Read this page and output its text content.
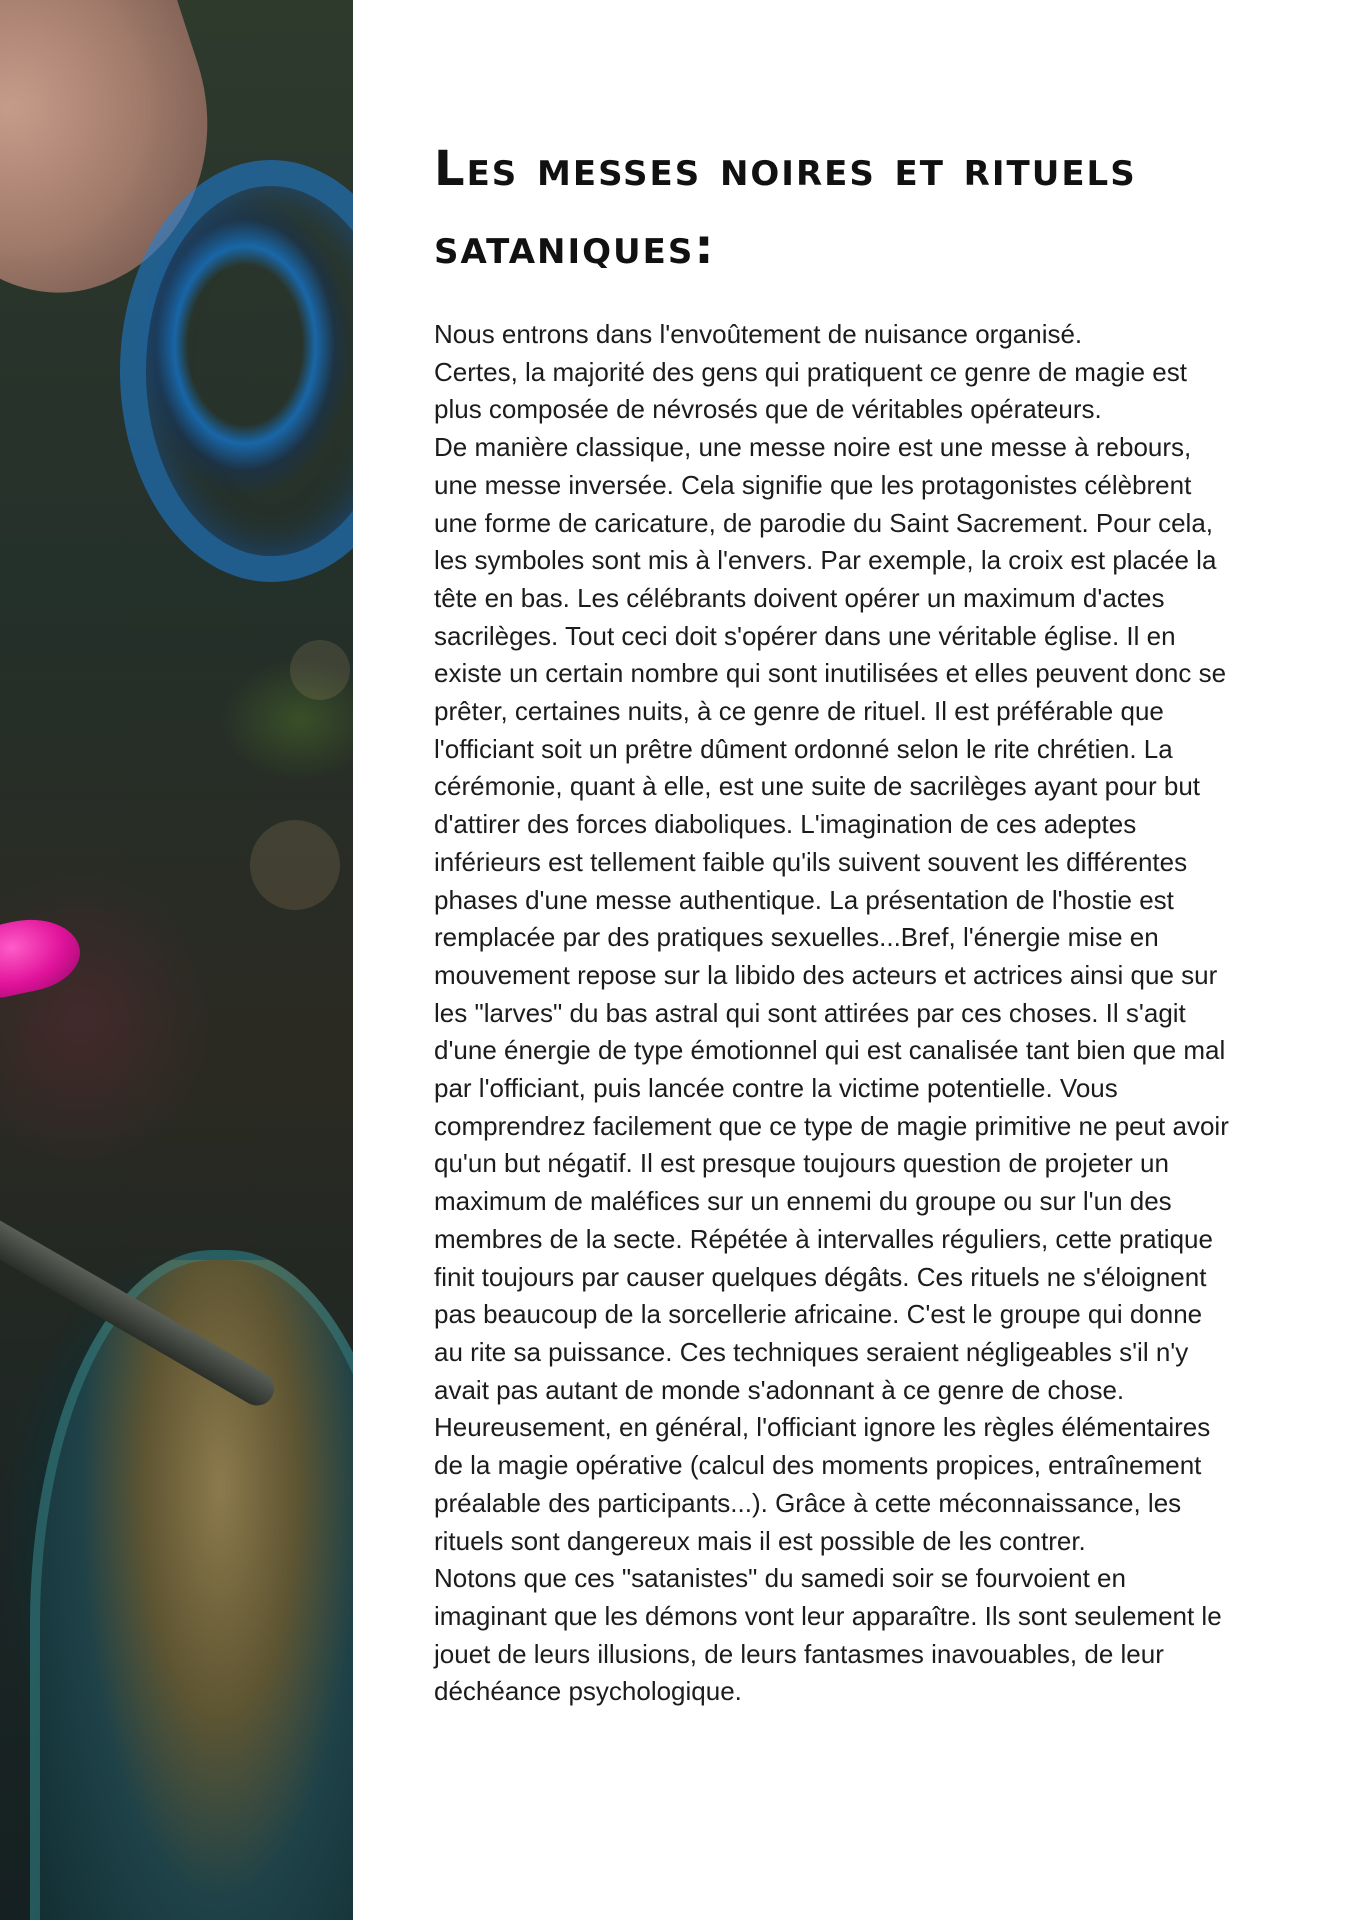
Les messes noires et rituels sataniques:

Nous entrons dans l'envoûtement de nuisance organisé.
Certes, la majorité des gens qui pratiquent ce genre de magie est plus composée de névrosés que de véritables opérateurs.
De manière classique, une messe noire est une messe à rebours, une messe inversée. Cela signifie que les protagonistes célèbrent une forme de caricature, de parodie du Saint Sacrement. Pour cela, les symboles sont mis à l'envers. Par exemple, la croix est placée la tête en bas. Les célébrants doivent opérer un maximum d'actes sacrilèges. Tout ceci doit s'opérer dans une véritable église. Il en existe un certain nombre qui sont inutilisées et elles peuvent donc se prêter, certaines nuits, à ce genre de rituel. Il est préférable que l'officiant soit un prêtre dûment ordonné selon le rite chrétien. La cérémonie, quant à elle, est une suite de sacrilèges ayant pour but d'attirer des forces diaboliques. L'imagination de ces adeptes inférieurs est tellement faible qu'ils suivent souvent les différentes phases d'une messe authentique. La présentation de l'hostie est remplacée par des pratiques sexuelles...Bref, l'énergie mise en mouvement repose sur la libido des acteurs et actrices ainsi que sur les "larves" du bas astral qui sont attirées par ces choses. Il s'agit d'une énergie de type émotionnel qui est canalisée tant bien que mal par l'officiant, puis lancée contre la victime potentielle. Vous comprendrez facilement que ce type de magie primitive ne peut avoir qu'un but négatif. Il est presque toujours question de projeter un maximum de maléfices sur un ennemi du groupe ou sur l'un des membres de la secte. Répétée à intervalles réguliers, cette pratique finit toujours par causer quelques dégâts. Ces rituels ne s'éloignent pas beaucoup de la sorcellerie africaine. C'est le groupe qui donne au rite sa puissance. Ces techniques seraient négligeables s'il n'y avait pas autant de monde s'adonnant à ce genre de chose.
Heureusement, en général, l'officiant ignore les règles élémentaires de la magie opérative (calcul des moments propices, entraînement préalable des participants...). Grâce à cette méconnaissance, les rituels sont dangereux mais il est possible de les contrer.
Notons que ces "satanistes" du samedi soir se fourvoient en imaginant que les démons vont leur apparaître. Ils sont seulement le jouet de leurs illusions, de leurs fantasmes inavouables, de leur déchéance psychologique.
